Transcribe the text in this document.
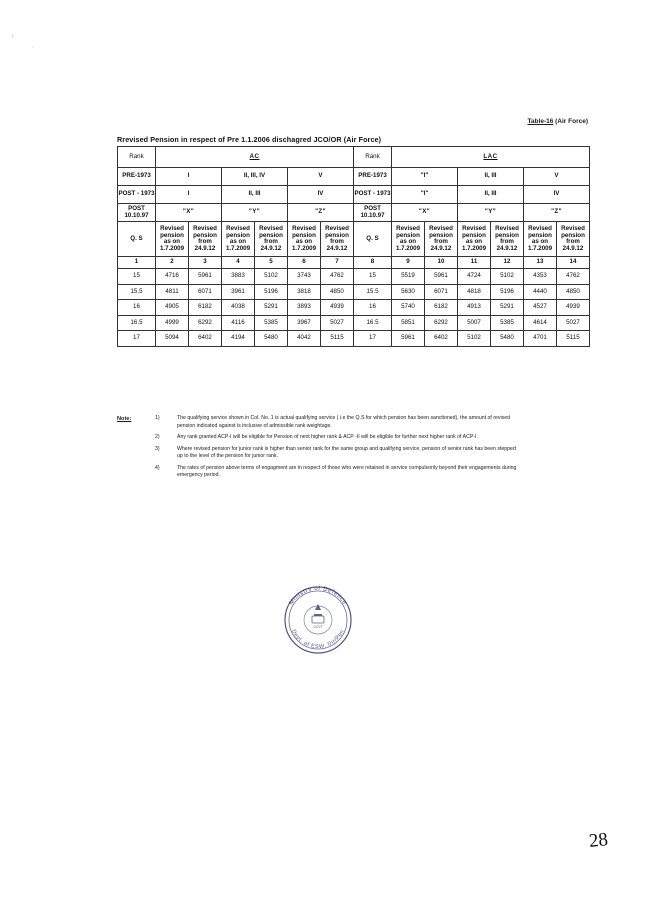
r
'
Table-16 (Air Force)
Rrevised Pension in respect of Pre 1.1.2006 dischagred JCO/OR (Air Force)
Rank	AC						Rank	LAC					
PRE-1973	I		II, III, IV		V		PRE-1973	"I"		II, III		V	
POST - 1973	I		II, III		IV		POST - 1973	"I"		II, III		IV	
POST 10.10.97	"X"		"Y"		"Z"		POST 10.10.97	"X"		"Y"		"Z"	
Q. S	Revised pension as on 1.7.2009	Revised pension from 24.9.12	Revised pension as on 1.7.2009	Revised pension from 24.9.12	Revised pension as on 1.7.2009	Revised pension from 24.9.12	Q. S	Revised pension as on 1.7.2009	Revised pension from 24.9.12	Revised pension as on 1.7.2009	Revised pension from 24.9.12	Revised pension as on 1.7.2009	Revised pension from 24.9.12
1	2	3	4	5	6	7	8	9	10	11	12	13	14
15	4716	5961	3883	5102	3743	4762	15	5519	5961	4724	5102	4353	4762
15.5	4811	6071	3961	5196	3818	4850	15.5	5630	6071	4818	5196	4440	4850
16	4905	6182	4038	5291	3893	4939	16	5740	6182	4913	5291	4527	4939
16.5	4999	6292	4116	5385	3967	5027	16.5	5851	6292	5007	5385	4614	5027
17	5094	6402	4194	5480	4042	5115	17	5961	6402	5102	5480	4701	5115
Note:	1)	The qualifying service shown in Col. No. 1 is actual qualifying service ( i.e the Q.S for which pension has been sanctioned), the amount of revised pension indicated against is inclusive of admissible rank weightage.
2)	Any rank granted ACP-I will be eligible for Pension of next higher rank & ACP -II will be eligible for further next higher rank of ACP-I.
3)	Where revised pension for junior rank is higher than senior rank for the same group and qualifying service, pension of senior rank has been stepped up to the level of the pension for junior rank.
4)	The rates of pension above terms of engagment are in respect of those who were retained in service compulsorily beyond their engagements during emergency period.
Ministry of Defence
Dept. of ESW, Dir/Pen
GOVT
28
